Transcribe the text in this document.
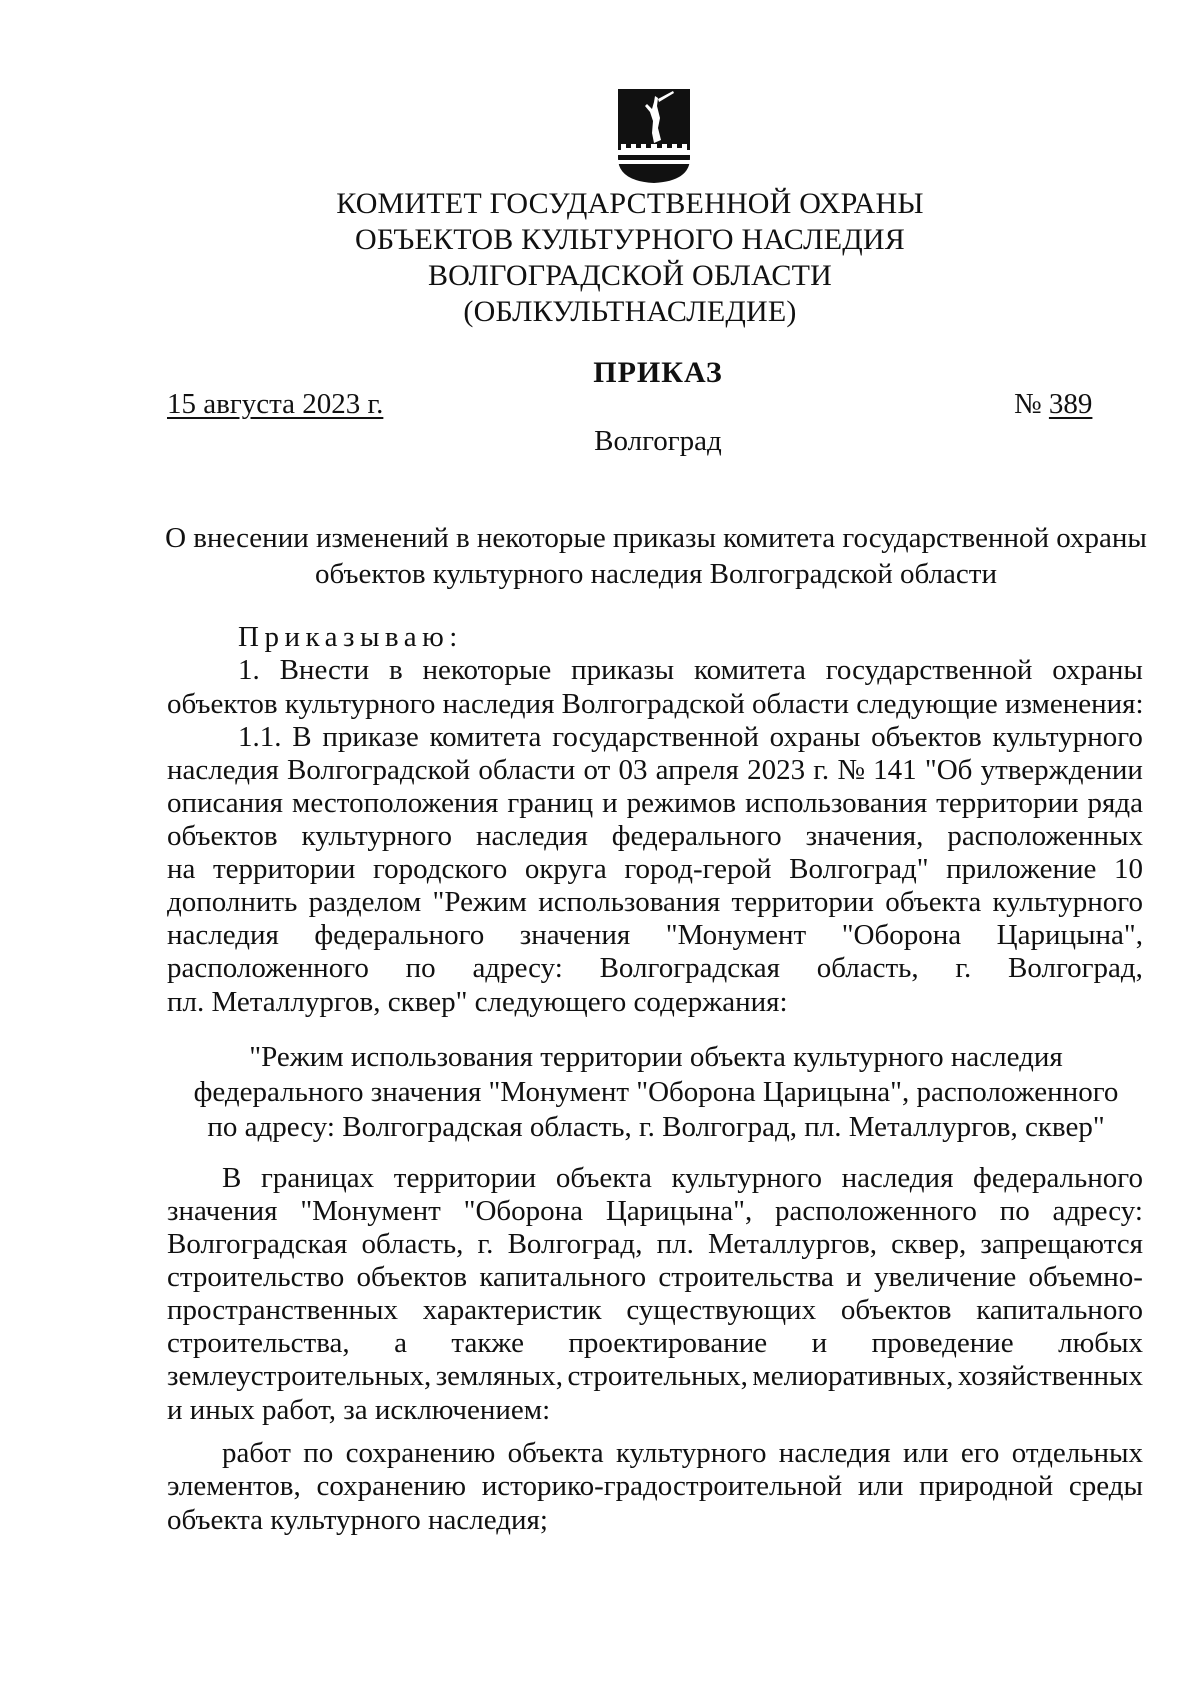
КОМИТЕТ ГОСУДАРСТВЕННОЙ ОХРАНЫ
ОБЪЕКТОВ КУЛЬТУРНОГО НАСЛЕДИЯ
ВОЛГОГРАДСКОЙ ОБЛАСТИ
(ОБЛКУЛЬТНАСЛЕДИЕ)
ПРИКАЗ
15 августа 2023 г.	№ 389
Волгоград
О внесении изменений в некоторые приказы комитета государственной охраны
объектов культурного наследия Волгоградской области
Приказываю:
1. Внести в некоторые приказы комитета государственной охраны
объектов культурного наследия Волгоградской области следующие изменения:
1.1. В приказе комитета государственной охраны объектов культурного
наследия Волгоградской области от 03 апреля 2023 г. № 141 "Об утверждении
описания местоположения границ и режимов использования территории ряда
объектов культурного наследия федерального значения, расположенных
на территории городского округа город-герой Волгоград" приложение 10
дополнить разделом "Режим использования территории объекта культурного
наследия федерального значения "Монумент "Оборона Царицына",
расположенного по адресу: Волгоградская область, г. Волгоград,
пл. Металлургов, сквер" следующего содержания:
"Режим использования территории объекта культурного наследия
федерального значения "Монумент "Оборона Царицына", расположенного
по адресу: Волгоградская область, г. Волгоград, пл. Металлургов, сквер"
В границах территории объекта культурного наследия федерального
значения "Монумент "Оборона Царицына", расположенного по адресу:
Волгоградская область, г. Волгоград, пл. Металлургов, сквер, запрещаются
строительство объектов капитального строительства и увеличение объемно-
пространственных характеристик существующих объектов капитального
строительства, а также проектирование и проведение любых
землеустроительных, земляных, строительных, мелиоративных, хозяйственных
и иных работ, за исключением:
работ по сохранению объекта культурного наследия или его отдельных
элементов, сохранению историко-градостроительной или природной среды
объекта культурного наследия;
